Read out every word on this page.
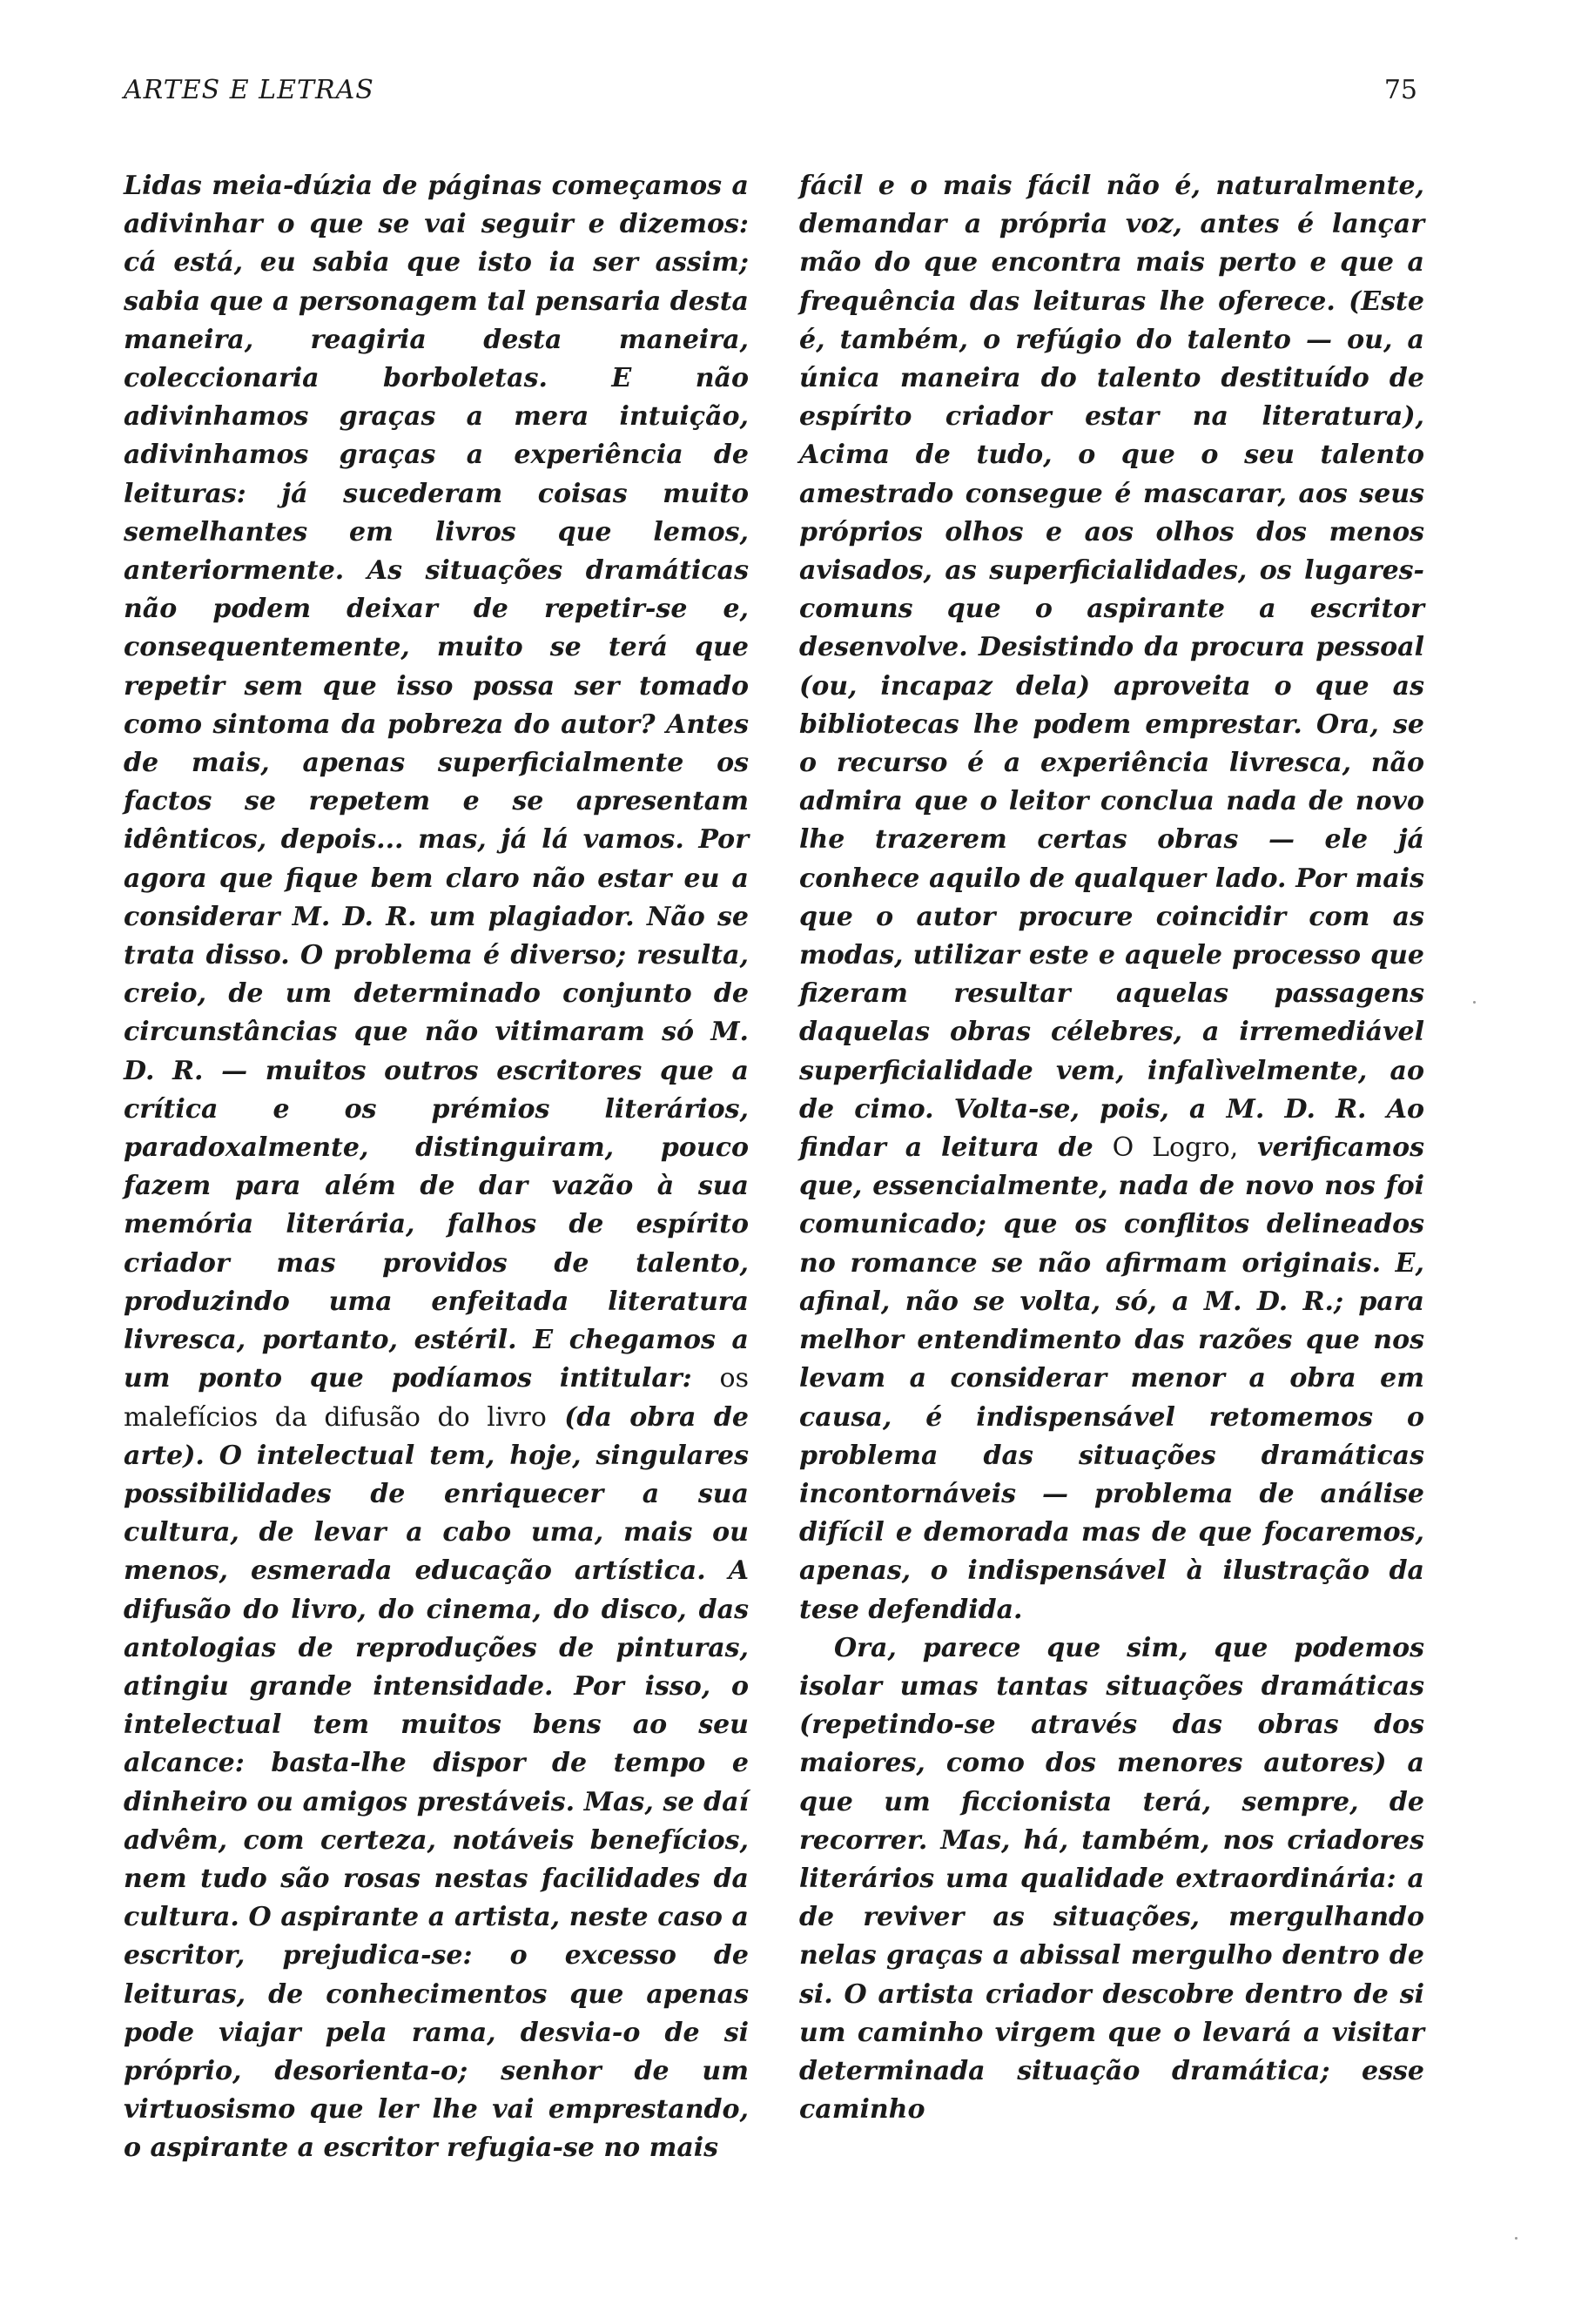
ARTES E LETRAS	75

Lidas meia-dúzia de páginas começamos a adivinhar o que se vai seguir e dizemos: cá está, eu sabia que isto ia ser assim; sabia que a personagem tal pensaria desta maneira, reagiria desta maneira, coleccionaria borboletas. E não adivinhamos graças a mera intuição, adivinhamos graças a experiência de leituras: já sucederam coisas muito semelhantes em livros que lemos, anteriormente. As situações dramáticas não podem deixar de repetir-se e, consequentemente, muito se terá que repetir sem que isso possa ser tomado como sintoma da pobreza do autor? Antes de mais, apenas superficialmente os factos se repetem e se apresentam idênticos, depois... mas, já lá vamos. Por agora que fique bem claro não estar eu a considerar M. D. R. um plagiador. Não se trata disso. O problema é diverso; resulta, creio, de um determinado conjunto de circunstâncias que não vitimaram só M. D. R. — muitos outros escritores que a crítica e os prémios literários, paradoxalmente, distinguiram, pouco fazem para além de dar vazão à sua memória literária, falhos de espírito criador mas providos de talento, produzindo uma enfeitada literatura livresca, portanto, estéril. E chegamos a um ponto que podíamos intitular: os malefícios da difusão do livro (da obra de arte). O intelectual tem, hoje, singulares possibilidades de enriquecer a sua cultura, de levar a cabo uma, mais ou menos, esmerada educação artística. A difusão do livro, do cinema, do disco, das antologias de reproduções de pinturas, atingiu grande intensidade. Por isso, o intelectual tem muitos bens ao seu alcance: basta-lhe dispor de tempo e dinheiro ou amigos prestáveis. Mas, se daí advêm, com certeza, notáveis benefícios, nem tudo são rosas nestas facilidades da cultura. O aspirante a artista, neste caso a escritor, prejudica-se: o excesso de leituras, de conhecimentos que apenas pode viajar pela rama, desvia-o de si próprio, desorienta-o; senhor de um virtuosismo que ler lhe vai emprestando, o aspirante a escritor refugia-se no mais

fácil e o mais fácil não é, naturalmente, demandar a própria voz, antes é lançar mão do que encontra mais perto e que a frequência das leituras lhe oferece. (Este é, também, o refúgio do talento — ou, a única maneira do talento destituído de espírito criador estar na literatura), Acima de tudo, o que o seu talento amestrado consegue é mascarar, aos seus próprios olhos e aos olhos dos menos avisados, as superficialidades, os lugares-comuns que o aspirante a escritor desenvolve. Desistindo da procura pessoal (ou, incapaz dela) aproveita o que as bibliotecas lhe podem emprestar. Ora, se o recurso é a experiência livresca, não admira que o leitor conclua nada de novo lhe trazerem certas obras — ele já conhece aquilo de qualquer lado. Por mais que o autor procure coincidir com as modas, utilizar este e aquele processo que fizeram resultar aquelas passagens daquelas obras célebres, a irremediável superficialidade vem, infalìvelmente, ao de cimo. Volta-se, pois, a M. D. R. Ao findar a leitura de O Logro, verificamos que, essencialmente, nada de novo nos foi comunicado; que os conflitos delineados no romance se não afirmam originais. E, afinal, não se volta, só, a M. D. R.; para melhor entendimento das razões que nos levam a considerar menor a obra em causa, é indispensável retomemos o problema das situações dramáticas incontornáveis — problema de análise difícil e demorada mas de que focaremos, apenas, o indispensável à ilustração da tese defendida.

Ora, parece que sim, que podemos isolar umas tantas situações dramáticas (repetindo-se através das obras dos maiores, como dos menores autores) a que um ficcionista terá, sempre, de recorrer. Mas, há, também, nos criadores literários uma qualidade extraordinária: a de reviver as situações, mergulhando nelas graças a abissal mergulho dentro de si. O artista criador descobre dentro de si um caminho virgem que o levará a visitar determinada situação dramática; esse caminho
